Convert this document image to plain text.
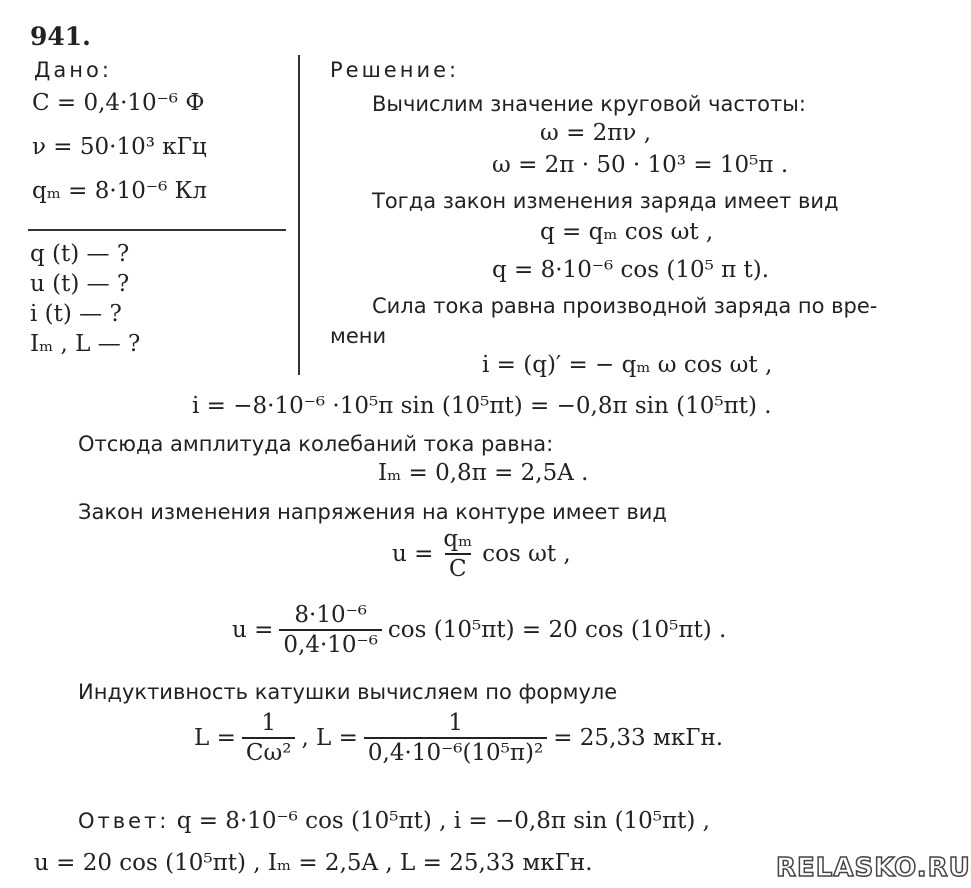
941.
Дано:
C = 0,4·10⁻⁶ Ф
ν = 50·10³ кГц
qₘ = 8·10⁻⁶ Кл
q (t) — ?
u (t) — ?
i (t) — ?
Iₘ , L — ?
Решение:
Вычислим значение круговой частоты:
ω = 2πν ,
ω = 2π · 50 · 10³ = 10⁵π .
Тогда закон изменения заряда имеет вид
q = qₘ cos ωt ,
q = 8·10⁻⁶ cos (10⁵ π t).
Сила тока равна производной заряда по вре-
мени
i = (q)′ = − qₘ ω cos ωt ,
i = −8·10⁻⁶ ·10⁵π sin (10⁵πt) = −0,8π sin (10⁵πt) .
Отсюда амплитуда колебаний тока равна:
Iₘ = 0,8π = 2,5A .
Закон изменения напряжения на контуре имеет вид
$u = \frac{\text{qₘ}}{C}$ cos ωt ,
$u = \frac{\text{8·10⁻⁶}}{\text{0,4·10⁻⁶}}$ cos (10⁵πt) = 20 cos (10⁵πt) .
Индуктивность катушки вычисляем по формуле
$L = \frac{1}{\text{Cω²}}$ , $L = \frac{1}{\text{0,4·10⁻⁶(10⁵π)²}} = 25,33$ мкГн.
Ответ: q = 8·10⁻⁶ cos (10⁵πt) , i = −0,8π sin (10⁵πt) ,
u = 20 cos (10⁵πt) , Iₘ = 2,5A , L = 25,33 мкГн.	RELASKO.RU
